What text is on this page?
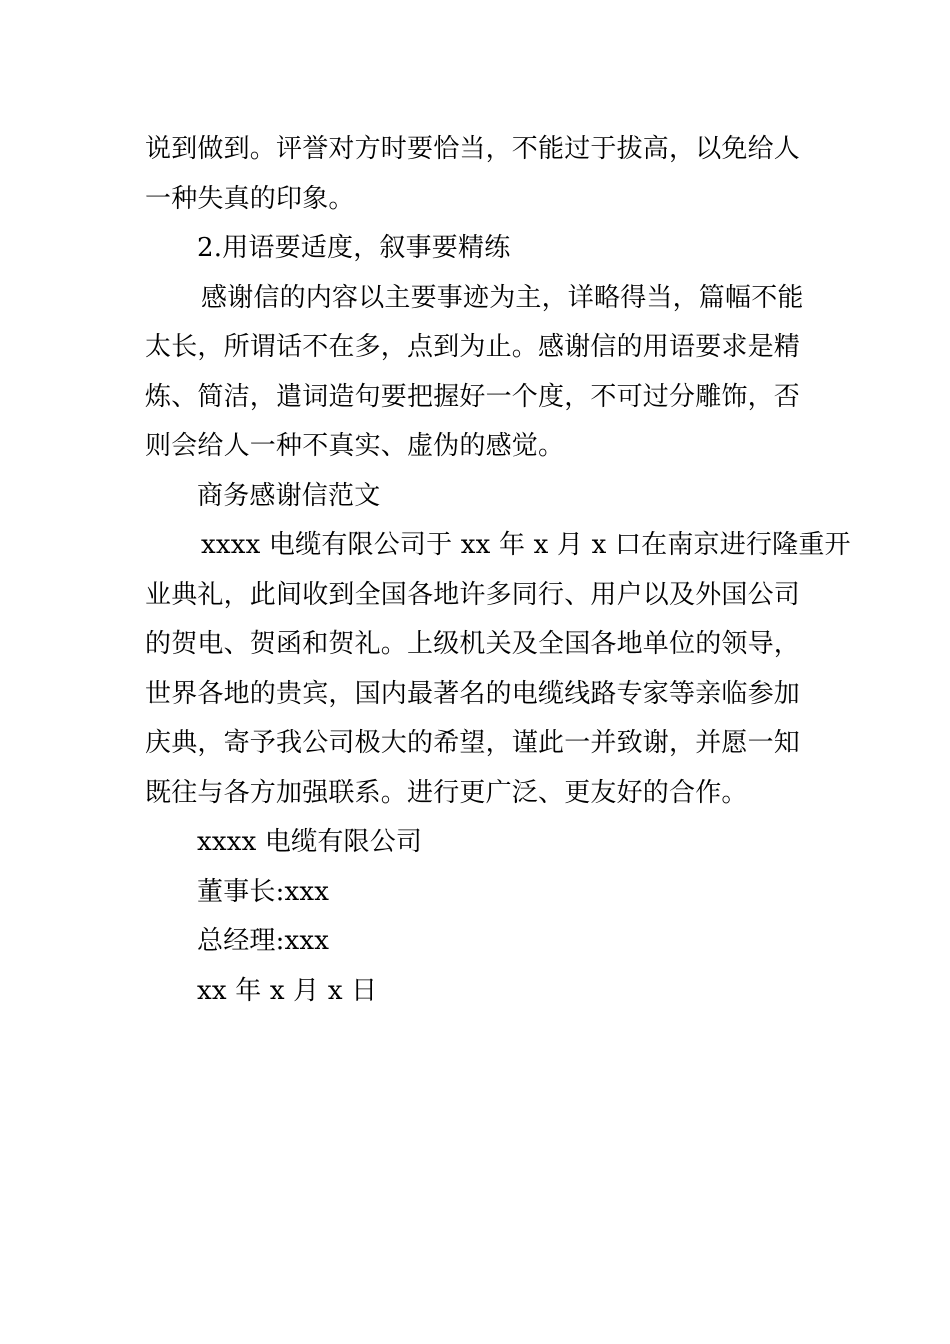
说到做到。评誉对方时要恰当，不能过于拔高，以免给人
一种失真的印象。
2.用语要适度，叙事要精练
感谢信的内容以主要事迹为主，详略得当，篇幅不能
太长，所谓话不在多，点到为止。感谢信的用语要求是精
炼、简洁，遣词造句要把握好一个度，不可过分雕饰，否
则会给人一种不真实、虚伪的感觉。
商务感谢信范文
xxxx 电缆有限公司于 xx 年 x 月 x 口在南京进行隆重开
业典礼，此间收到全国各地许多同行、用户以及外国公司
的贺电、贺函和贺礼。上级机关及全国各地单位的领导，
世界各地的贵宾，国内最著名的电缆线路专家等亲临参加
庆典，寄予我公司极大的希望，谨此一并致谢，并愿一知
既往与各方加强联系。进行更广泛、更友好的合作。
xxxx 电缆有限公司
董事长:xxx
总经理:xxx
xx 年 x 月 x 日
